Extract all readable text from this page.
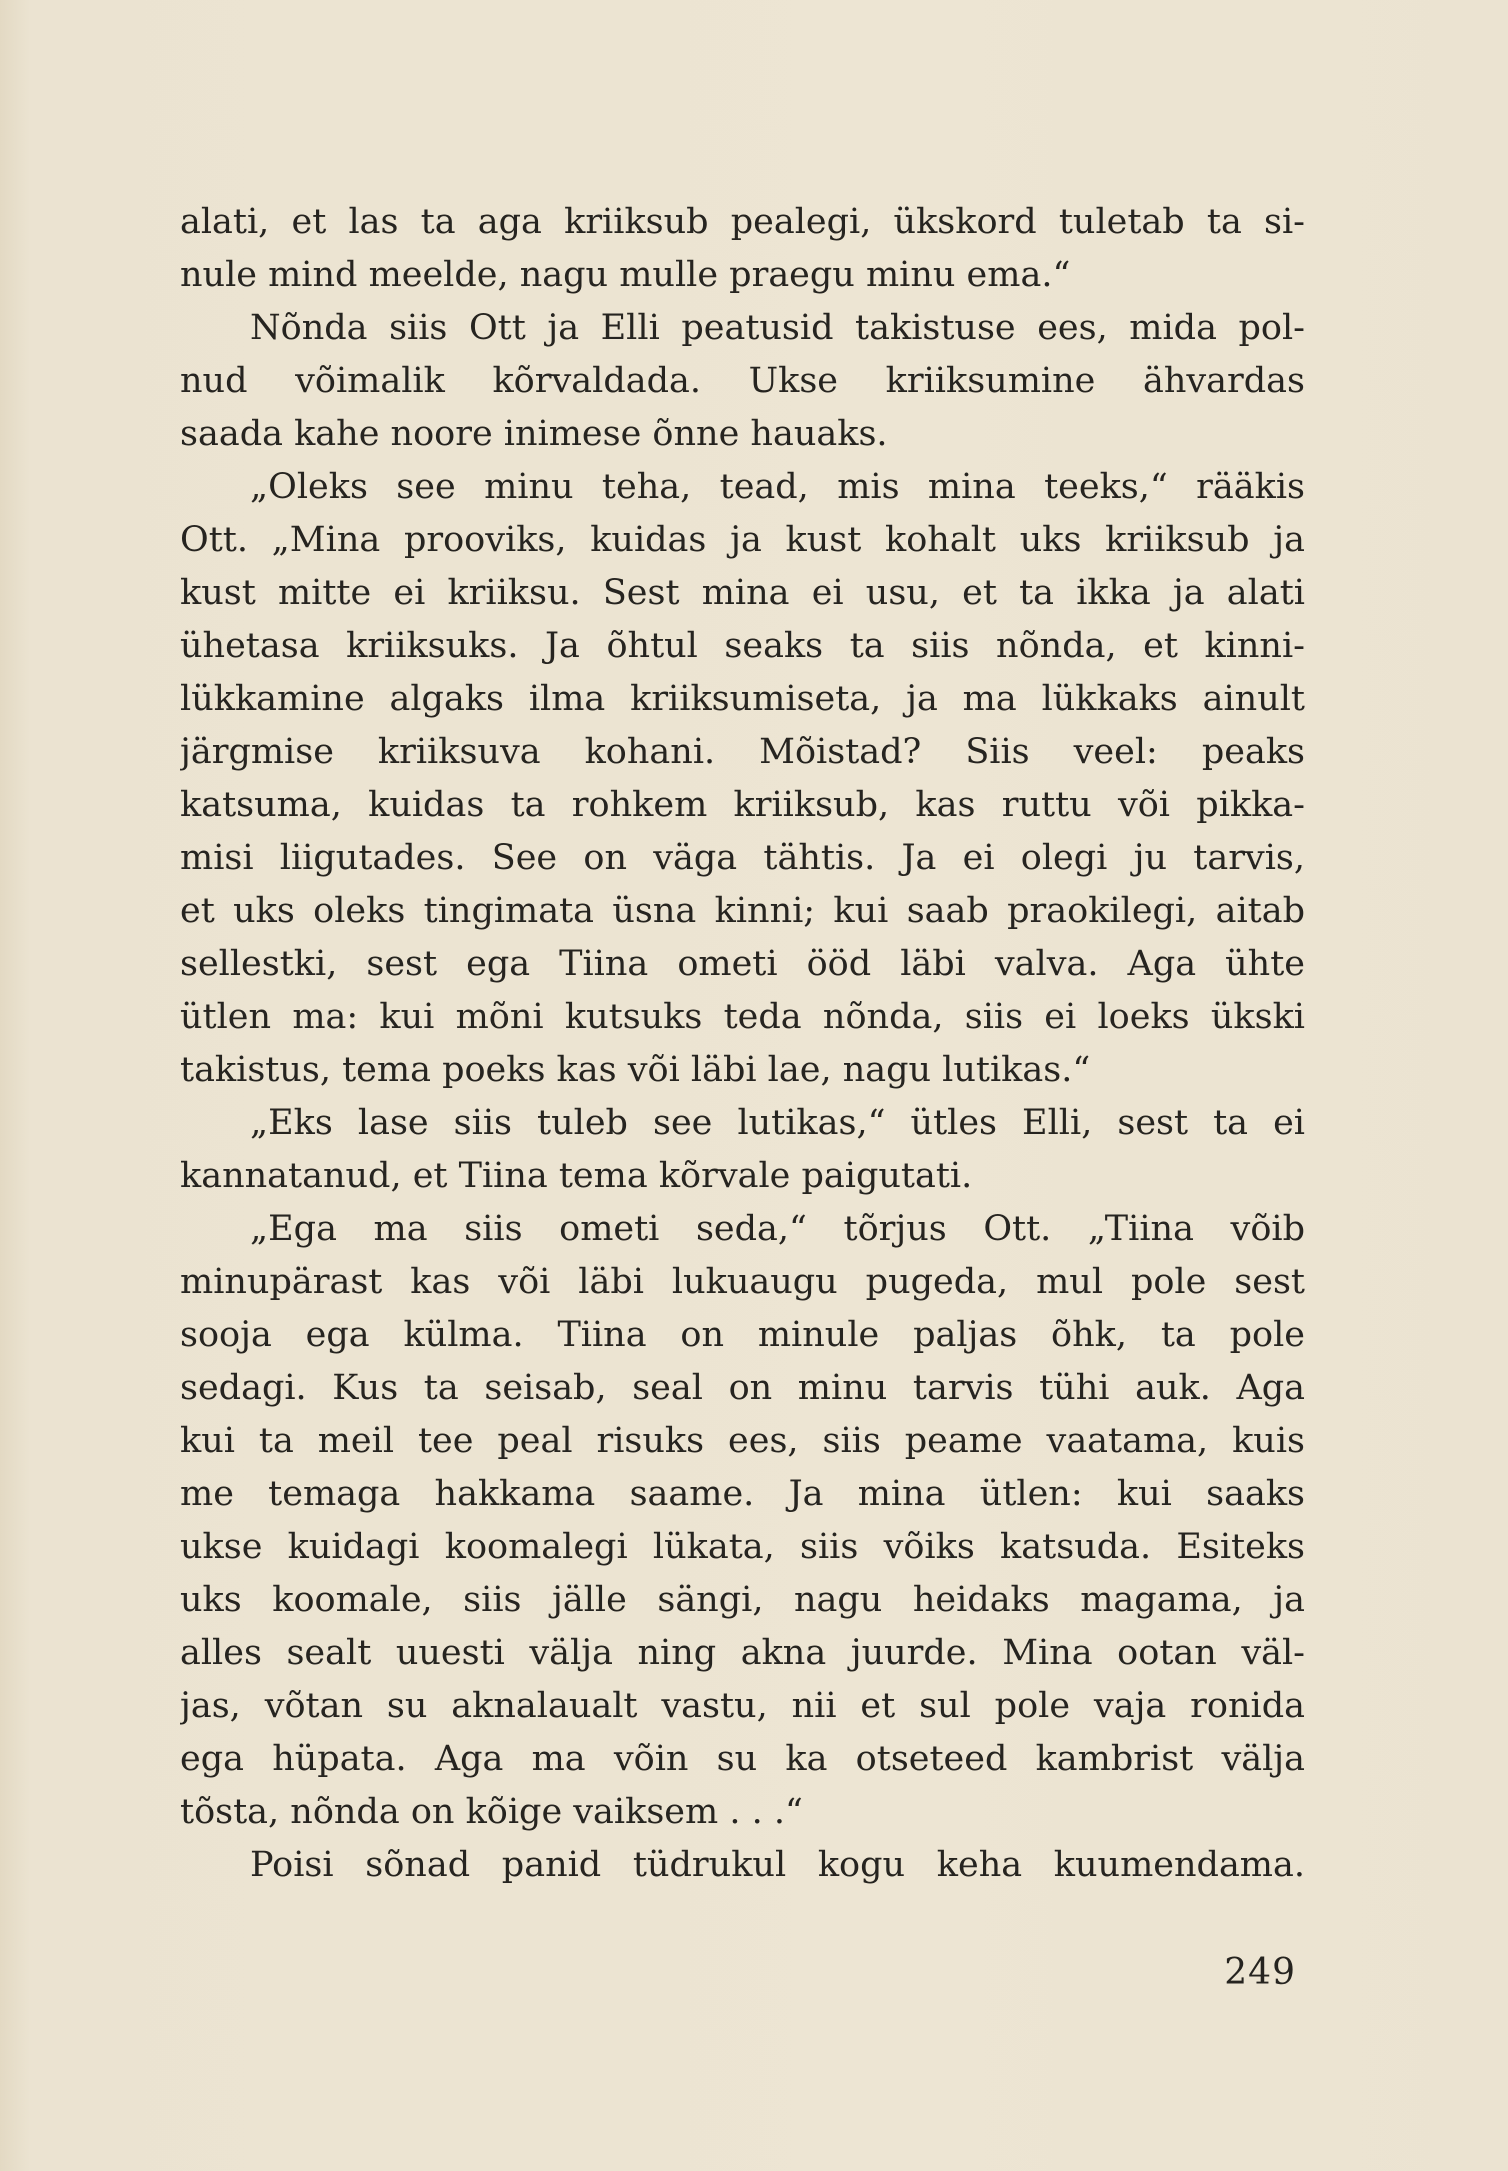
alati, et las ta aga kriiksub pealegi, ükskord tuletab ta si-
nule mind meelde, nagu mulle praegu minu ema.“
Nõnda siis Ott ja Elli peatusid takistuse ees, mida pol-
nud võimalik kõrvaldada. Ukse kriiksumine ähvardas
saada kahe noore inimese õnne hauaks.
„Oleks see minu teha, tead, mis mina teeks,“ rääkis
Ott. „Mina prooviks, kuidas ja kust kohalt uks kriiksub ja
kust mitte ei kriiksu. Sest mina ei usu, et ta ikka ja alati
ühetasa kriiksuks. Ja õhtul seaks ta siis nõnda, et kinni-
lükkamine algaks ilma kriiksumiseta, ja ma lükkaks ainult
järgmise kriiksuva kohani. Mõistad? Siis veel: peaks
katsuma, kuidas ta rohkem kriiksub, kas ruttu või pikka-
misi liigutades. See on väga tähtis. Ja ei olegi ju tarvis,
et uks oleks tingimata üsna kinni; kui saab praokilegi, aitab
sellestki, sest ega Tiina ometi ööd läbi valva. Aga ühte
ütlen ma: kui mõni kutsuks teda nõnda, siis ei loeks ükski
takistus, tema poeks kas või läbi lae, nagu lutikas.“
„Eks lase siis tuleb see lutikas,“ ütles Elli, sest ta ei
kannatanud, et Tiina tema kõrvale paigutati.
„Ega ma siis ometi seda,“ tõrjus Ott. „Tiina võib
minupärast kas või läbi lukuaugu pugeda, mul pole sest
sooja ega külma. Tiina on minule paljas õhk, ta pole
sedagi. Kus ta seisab, seal on minu tarvis tühi auk. Aga
kui ta meil tee peal risuks ees, siis peame vaatama, kuis
me temaga hakkama saame. Ja mina ütlen: kui saaks
ukse kuidagi koomalegi lükata, siis võiks katsuda. Esiteks
uks koomale, siis jälle sängi, nagu heidaks magama, ja
alles sealt uuesti välja ning akna juurde. Mina ootan väl-
jas, võtan su aknalaualt vastu, nii et sul pole vaja ronida
ega hüpata. Aga ma võin su ka otseteed kambrist välja
tõsta, nõnda on kõige vaiksem . . .“
Poisi sõnad panid tüdrukul kogu keha kuumendama.
249
